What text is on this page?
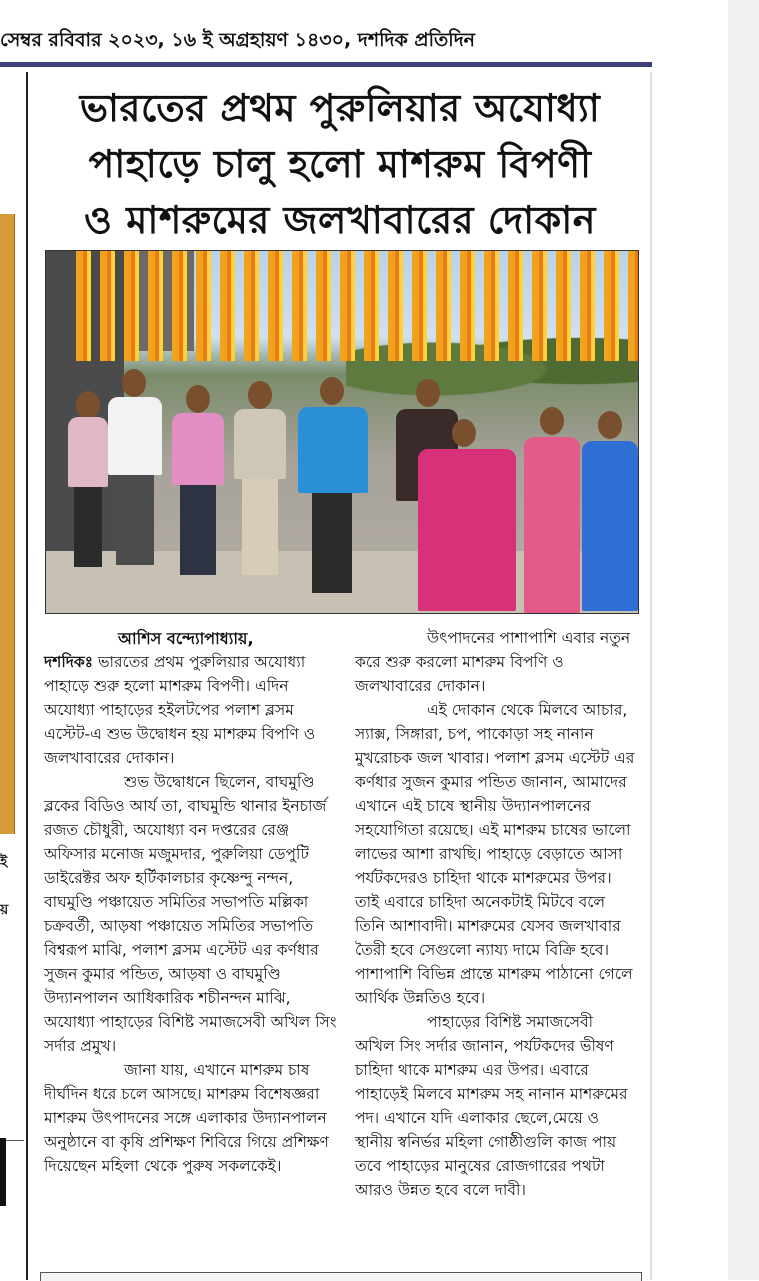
সেম্বর রবিবার ২০২৩, ১৬ ই অগ্রহায়ণ ১৪৩০, দশদিক প্রতিদিন
ই
য়
ভারতের প্রথম পুরুলিয়ার অযোধ্যা
পাহাড়ে চালু হলো মাশরুম বিপণী
ও মাশরুমের জলখাবারের দোকান
আশিস বন্দ্যোপাধ্যায়,

দশদিকঃ ভারতের প্রথম পুরুলিয়ার অযোধ্যা পাহাড়ে শুরু হলো মাশরুম বিপণী। এদিন অযোধ্যা পাহাড়ের হইলটপের পলাশ ব্লসম এস্টেট-এ শুভ উদ্বোধন হয় মাশরুম বিপণি ও জলখাবারের দোকান।

শুভ উদ্বোধনে ছিলেন, বাঘমুণ্ডি ব্লকের বিডিও আর্য তা, বাঘমুন্ডি থানার ইনচার্জ রজত চৌধুরী, অযোধ্যা বন দপ্তরের রেঞ্জ অফিসার মনোজ মজুমদার, পুরুলিয়া ডেপুটি ডাইরেক্টর অফ হর্টিকালচার কৃষ্ণেন্দু নন্দন, বাঘমুণ্ডি পঞ্চায়েত সমিতির সভাপতি মল্লিকা চক্রবর্তী, আড়ষা পঞ্চায়েত সমিতির সভাপতি বিশ্বরূপ মাঝি, পলাশ ব্লসম এস্টেট এর কর্ণধার সুজন কুমার পন্ডিত, আড়ষা ও বাঘমুণ্ডি উদ্যানপালন আধিকারিক শচীনন্দন মাঝি, অযোধ্যা পাহাড়ের বিশিষ্ট সমাজসেবী অখিল সিং সর্দার প্রমুখ।

জানা যায়, এখানে মাশরুম চাষ দীর্ঘদিন ধরে চলে আসছে। মাশরুম বিশেষজ্ঞরা মাশরুম উৎপাদনের সঙ্গে এলাকার উদ্যানপালন অনুষ্ঠানে বা কৃষি প্রশিক্ষণ শিবিরে গিয়ে প্রশিক্ষণ দিয়েছেন মহিলা থেকে পুরুষ সকলকেই।

উৎপাদনের পাশাপাশি এবার নতুন করে শুরু করলো মাশরুম বিপণি ও জলখাবারের দোকান।

এই দোকান থেকে মিলবে আচার, স্যাক্স, সিঙ্গারা, চপ, পাকোড়া সহ নানান মুখরোচক জল খাবার। পলাশ ব্লসম এস্টেট এর কর্ণধার সুজন কুমার পন্ডিত জানান, আমাদের এখানে এই চাষে স্থানীয় উদ্যানপালনের সহযোগিতা রয়েছে। এই মাশরুম চাষের ভালো লাভের আশা রাখছি। পাহাড়ে বেড়াতে আসা পর্যটকদেরও চাহিদা থাকে মাশরুমের উপর। তাই এবারে চাহিদা অনেকটাই মিটবে বলে তিনি আশাবাদী। মাশরুমের যেসব জলখাবার তৈরী হবে সেগুলো ন্যায্য দামে বিক্রি হবে। পাশাপাশি বিভিন্ন প্রান্তে মাশরুম পাঠানো গেলে আর্থিক উন্নতিও হবে।

পাহাড়ের বিশিষ্ট সমাজসেবী অখিল সিং সর্দার জানান, পর্যটকদের ভীষণ চাহিদা থাকে মাশরুম এর উপর। এবারে পাহাড়েই মিলবে মাশরুম সহ নানান মাশরুমের পদ। এখানে যদি এলাকার ছেলে,মেয়ে ও স্থানীয় স্বনির্ভর মহিলা গোষ্ঠীগুলি কাজ পায় তবে পাহাড়ের মানুষের রোজগারের পথটা আরও উন্নত হবে বলে দাবী।
